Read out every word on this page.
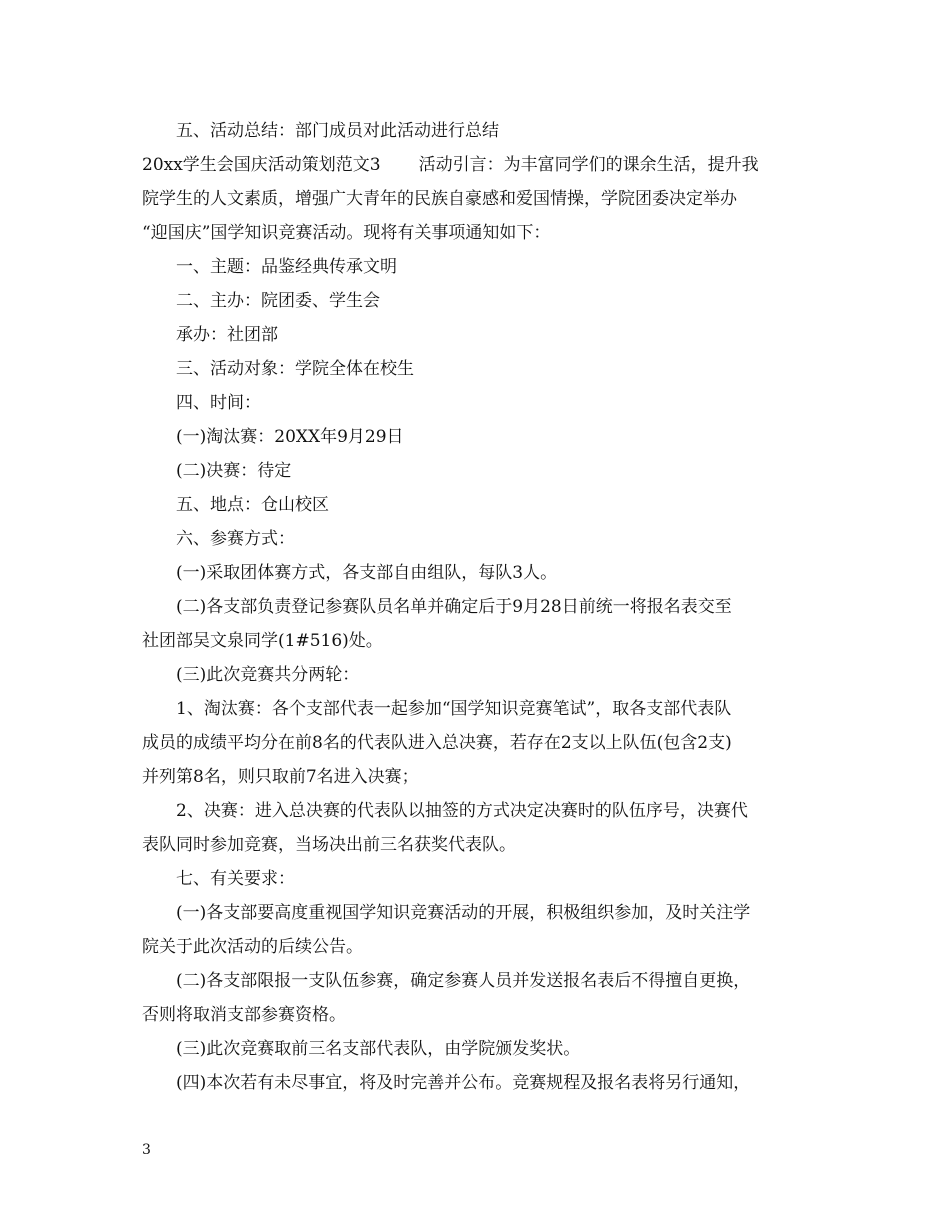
五、活动总结：部门成员对此活动进行总结
20xx学生会国庆活动策划范文3 活动引言：为丰富同学们的课余生活，提升我
院学生的人文素质，增强广大青年的民族自豪感和爱国情操，学院团委决定举办
“迎国庆”国学知识竞赛活动。现将有关事项通知如下：
一、主题：品鉴经典传承文明
二、主办：院团委、学生会
承办：社团部
三、活动对象：学院全体在校生
四、时间：
(一)淘汰赛：20XX年9月29日
(二)决赛：待定
五、地点：仓山校区
六、参赛方式：
(一)采取团体赛方式，各支部自由组队，每队3人。
(二)各支部负责登记参赛队员名单并确定后于9月28日前统一将报名表交至
社团部吴文泉同学(1#516)处。
(三)此次竞赛共分两轮：
1、淘汰赛：各个支部代表一起参加“国学知识竞赛笔试”，取各支部代表队
成员的成绩平均分在前8名的代表队进入总决赛，若存在2支以上队伍(包含2支)
并列第8名，则只取前7名进入决赛；
2、决赛：进入总决赛的代表队以抽签的方式决定决赛时的队伍序号，决赛代
表队同时参加竞赛，当场决出前三名获奖代表队。
七、有关要求：
(一)各支部要高度重视国学知识竞赛活动的开展，积极组织参加，及时关注学
院关于此次活动的后续公告。
(二)各支部限报一支队伍参赛，确定参赛人员并发送报名表后不得擅自更换，
否则将取消支部参赛资格。
(三)此次竞赛取前三名支部代表队，由学院颁发奖状。
(四)本次若有未尽事宜，将及时完善并公布。竞赛规程及报名表将另行通知，
3
